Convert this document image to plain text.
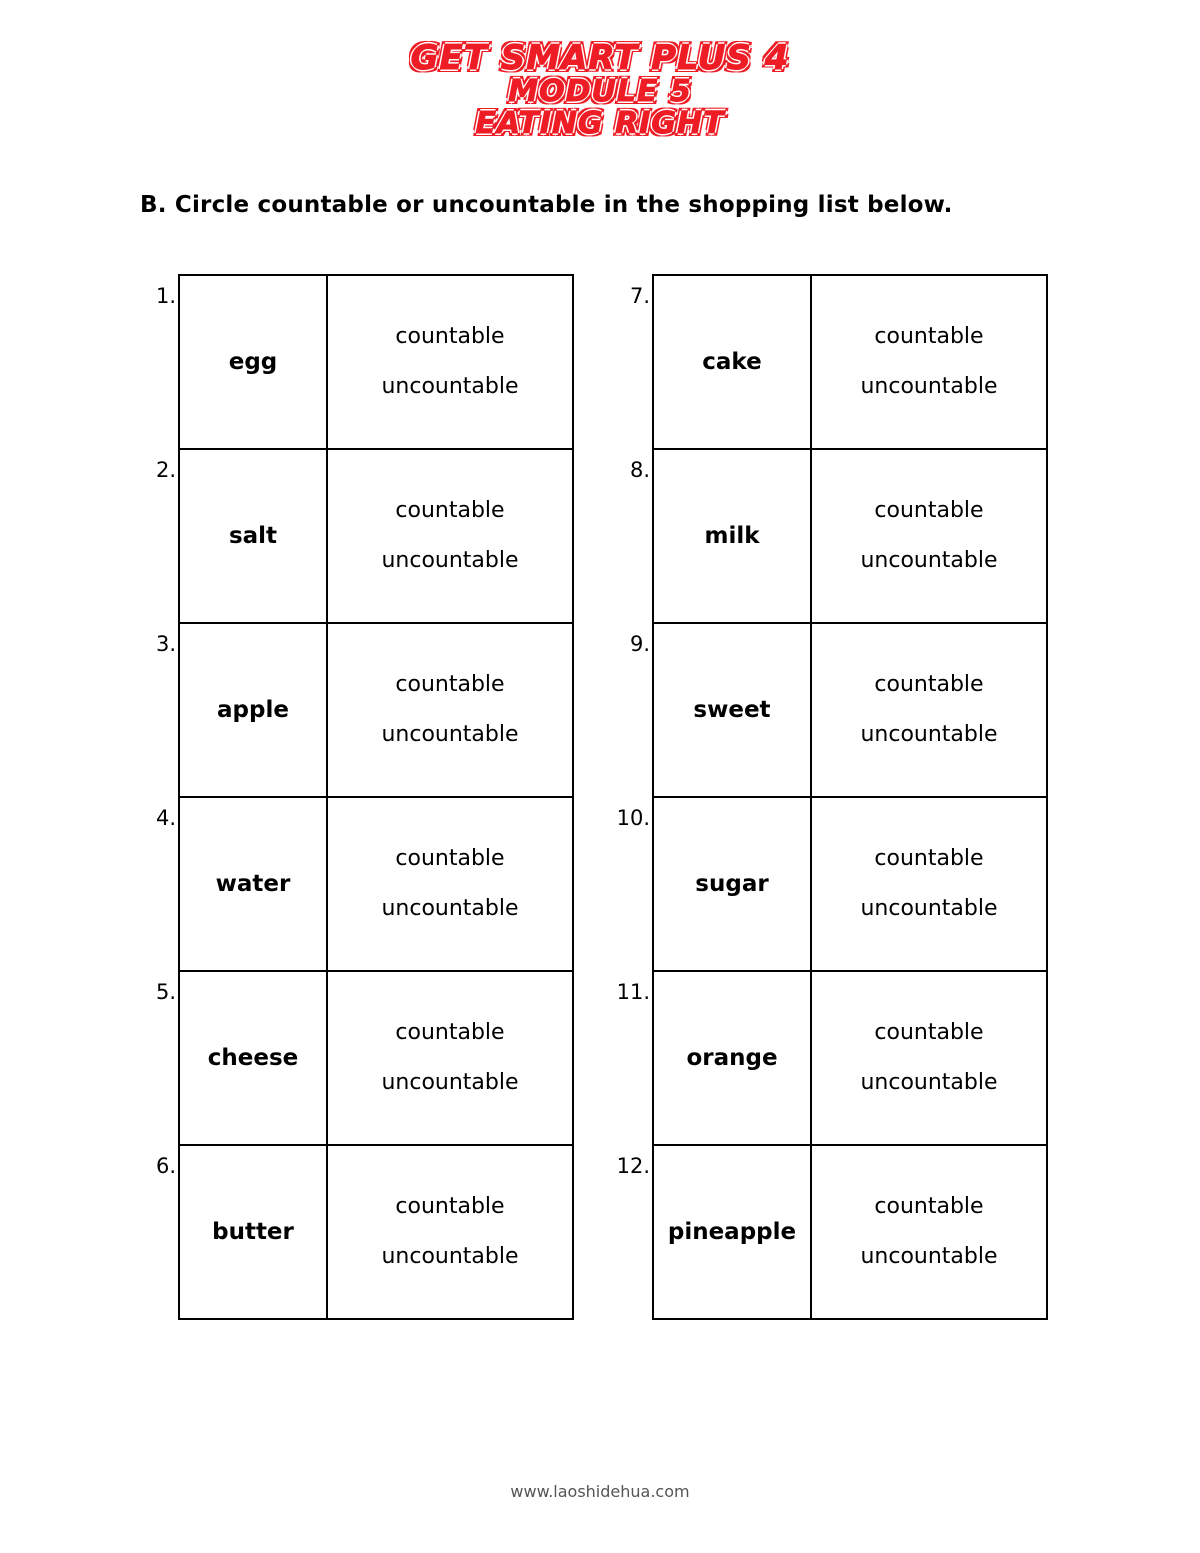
GET SMART PLUS 4
MODULE 5
EATING RIGHT
B. Circle countable or uncountable in the shopping list below.
1.
egg
countable
uncountable
2.
salt
countable
uncountable
3.
apple
countable
uncountable
4.
water
countable
uncountable
5.
cheese
countable
uncountable
6.
butter
countable
uncountable
7.
cake
countable
uncountable
8.
milk
countable
uncountable
9.
sweet
countable
uncountable
10.
sugar
countable
uncountable
11.
orange
countable
uncountable
12.
pineapple
countable
uncountable
www.laoshidehua.com
